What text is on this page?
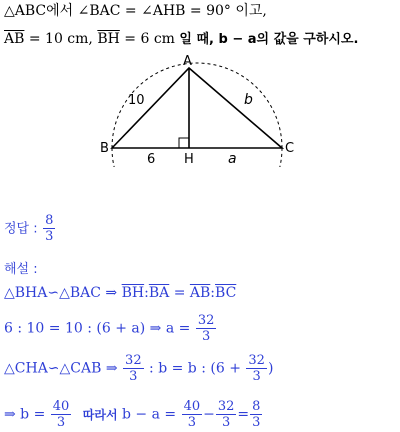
△ABC에서 ∠BAC = ∠AHB = 90° 이고,
$\overline{AB} = 10$ cm, $\overline{BH} = 6$ cm 일 때, b − a의 값을 구하시오.
A
B	C
H
10	b
6	a
정답 : $\frac{8}{3}$
해설 :
△BHA∽△BAC ⇒ $\overline{BH}:\overline{BA}$ = $\overline{AB}:\overline{BC}$
6 : 10 = 10 : (6 + a) ⇒ $a = \frac{32}{3}$
△CHA∽△CAB ⇒ $\frac{32}{3}$ : b = b : ($6 + \frac{32}{3}$ )
⇒ $b = \frac{40}{3}$ 따라서 $b - a = \frac{40}{3} - \frac{32}{3} = \frac{8}{3}$
